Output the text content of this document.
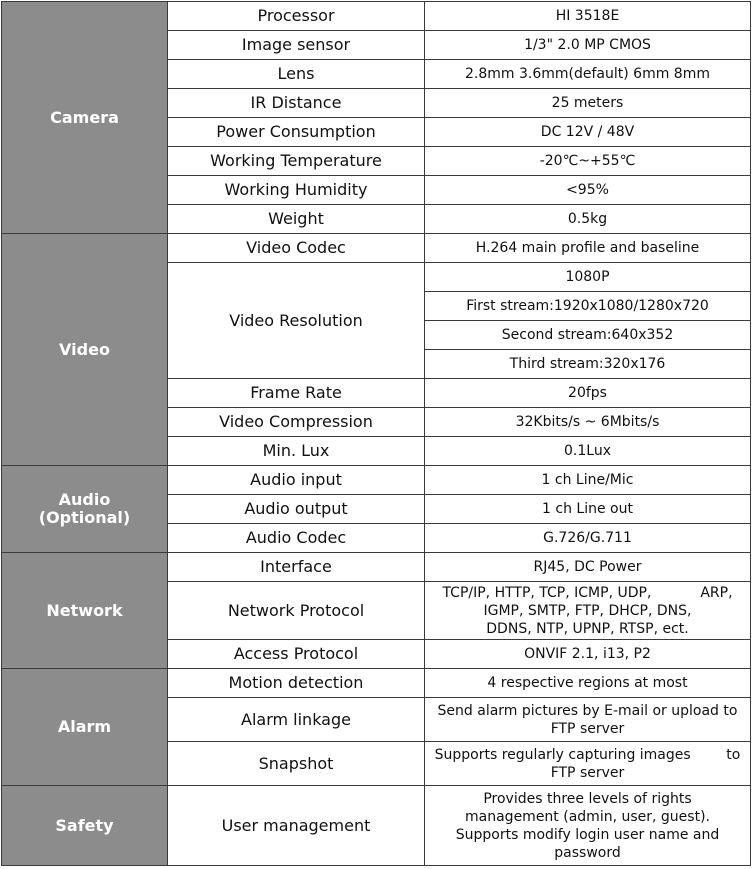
Camera	Processor	HI 3518E
	Image sensor	1/3" 2.0 MP CMOS
	Lens	2.8mm 3.6mm(default) 6mm 8mm
	IR Distance	25 meters
	Power Consumption	DC 12V / 48V
	Working Temperature	-20℃~+55℃
	Working Humidity	<95%
	Weight	0.5kg
Video	Video Codec	H.264 main profile and baseline
	Video Resolution	1080P
		First stream:1920x1080/1280x720
		Second stream:640x352
		Third stream:320x176
	Frame Rate	20fps
	Video Compression	32Kbits/s ~ 6Mbits/s
	Min. Lux	0.1Lux

Audio
(Optional)	Audio input	1 ch Line/Mic
	Audio output	1 ch Line out
	Audio Codec	G.726/G.711
Network	Interface	RJ45, DC Power
	Network Protocol	TCP/IP, HTTP, TCP, ICMP, UDP,           ARP,
IGMP, SMTP, FTP, DHCP, DNS,
DDNS, NTP, UPNP, RTSP, ect.

	Access Protocol	ONVIF 2.1, i13, P2
Alarm	Motion detection	4 respective regions at most
	Alarm linkage	Send alarm pictures by E-mail or upload to
FTP server

	Snapshot	Supports regularly capturing images        to
FTP server

Safety	User management	Provides three levels of rights
management (admin, user, guest).
Supports modify login user name and
password
